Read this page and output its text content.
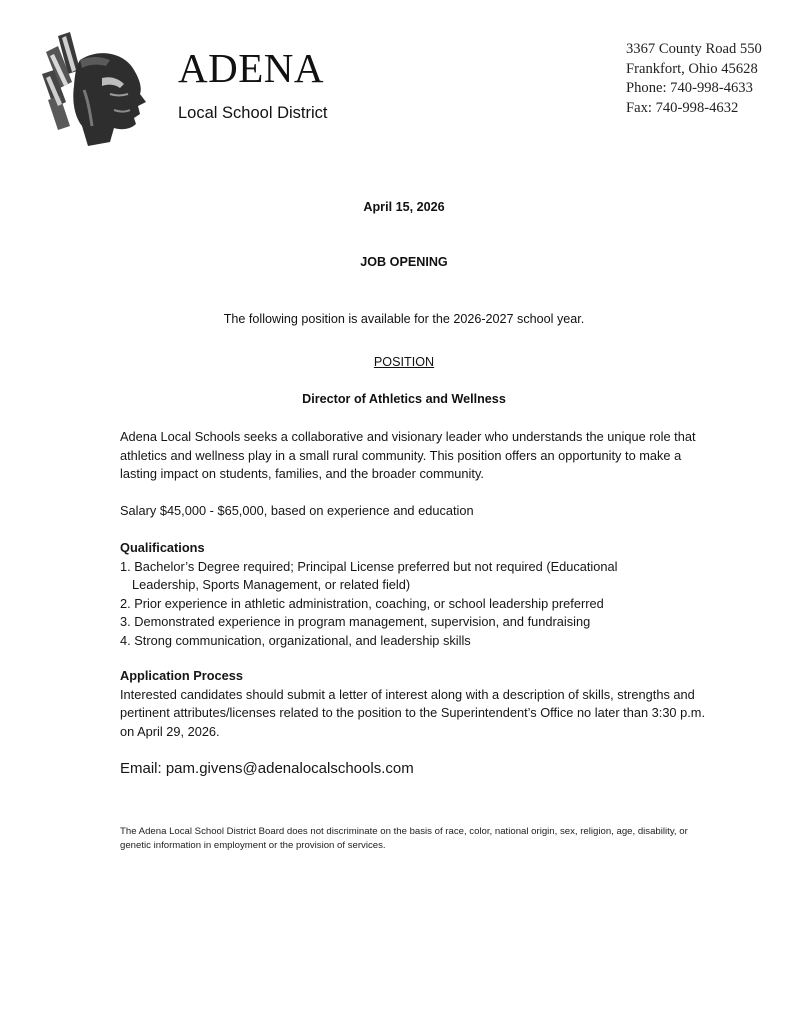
ADENA
Local School District
3367 County Road 550
Frankfort, Ohio 45628
Phone: 740-998-4633
Fax: 740-998-4632
April 15, 2026
JOB OPENING
The following position is available for the 2026-2027 school year.
POSITION
Director of Athletics and Wellness
Adena Local Schools seeks a collaborative and visionary leader who understands the unique role that athletics and wellness play in a small rural community. This position offers an opportunity to make a lasting impact on students, families, and the broader community.
Salary $45,000 - $65,000, based on experience and education
Qualifications
1. Bachelor’s Degree required; Principal License preferred but not required (Educational
Leadership, Sports Management, or related field)
2. Prior experience in athletic administration, coaching, or school leadership preferred
3. Demonstrated experience in program management, supervision, and fundraising
4. Strong communication, organizational, and leadership skills
Application Process
Interested candidates should submit a letter of interest along with a description of skills, strengths and pertinent attributes/licenses related to the position to the Superintendent’s Office no later than 3:30 p.m. on April 29, 2026.
Email: pam.givens@adenalocalschools.com
The Adena Local School District Board does not discriminate on the basis of race, color, national origin, sex, religion, age, disability, or genetic information in employment or the provision of services.
